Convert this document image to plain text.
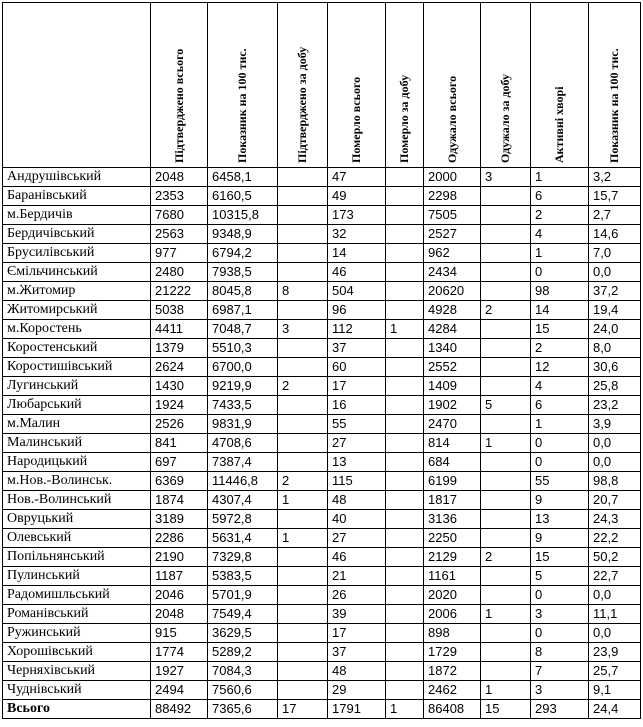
	Підтверджено всього	Показник на 100 тис.	Підтверджено за добу	Померло всього	Померло за добу	Одужало всього	Одужало за добу	Активні хворі	Показник на 100 тис.

Андрушівський	2048	6458,1		47		2000	3	1	3,2
Баранівський	2353	6160,5		49		2298		6	15,7
м.Бердичів	7680	10315,8		173		7505		2	2,7
Бердичівський	2563	9348,9		32		2527		4	14,6
Брусилівський	977	6794,2		14		962		1	7,0
Ємільчинський	2480	7938,5		46		2434		0	0,0
м.Житомир	21222	8045,8	8	504		20620		98	37,2
Житомирський	5038	6987,1		96		4928	2	14	19,4
м.Коростень	4411	7048,7	3	112	1	4284		15	24,0
Коростенський	1379	5510,3		37		1340		2	8,0
Коростишівський	2624	6700,0		60		2552		12	30,6
Лугинський	1430	9219,9	2	17		1409		4	25,8
Любарський	1924	7433,5		16		1902	5	6	23,2
м.Малин	2526	9831,9		55		2470		1	3,9
Малинський	841	4708,6		27		814	1	0	0,0
Народицький	697	7387,4		13		684		0	0,0
м.Нов.-Волинськ.	6369	11446,8	2	115		6199		55	98,8
Нов.-Волинський	1874	4307,4	1	48		1817		9	20,7
Овруцький	3189	5972,8		40		3136		13	24,3
Олевський	2286	5631,4	1	27		2250		9	22,2
Попільнянський	2190	7329,8		46		2129	2	15	50,2
Пулинський	1187	5383,5		21		1161		5	22,7
Радомишльський	2046	5701,9		26		2020		0	0,0
Романівський	2048	7549,4		39		2006	1	3	11,1
Ружинський	915	3629,5		17		898		0	0,0
Хорошівський	1774	5289,2		37		1729		8	23,9
Черняхівський	1927	7084,3		48		1872		7	25,7
Чуднівський	2494	7560,6		29		2462	1	3	9,1
Всього	88492	7365,6	17	1791	1	86408	15	293	24,4
